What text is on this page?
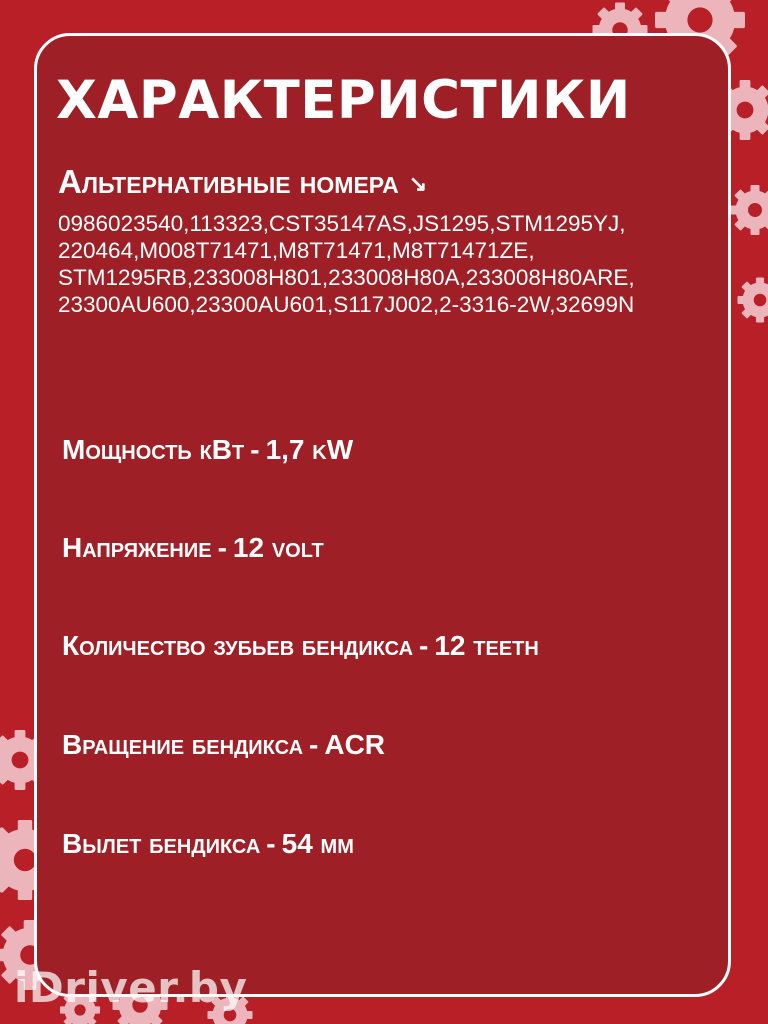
ХАРАКТЕРИСТИКИ
Альтернативные номера ↘
0986023540,113323,CST35147AS,JS1295,STM1295YJ,
220464,M008T71471,M8T71471,M8T71471ZE,
STM1295RB,233008H801,233008H80A,233008H80ARE,
23300AU600,23300AU601,S117J002,2-3316-2W,32699N
Мощность кВт - 1,7 kW
Напряжение - 12 volt
Количество зубьев бендикса - 12 teeth
Вращение бендикса - ACR
Вылет бендикса - 54 мм
iDriver.by
